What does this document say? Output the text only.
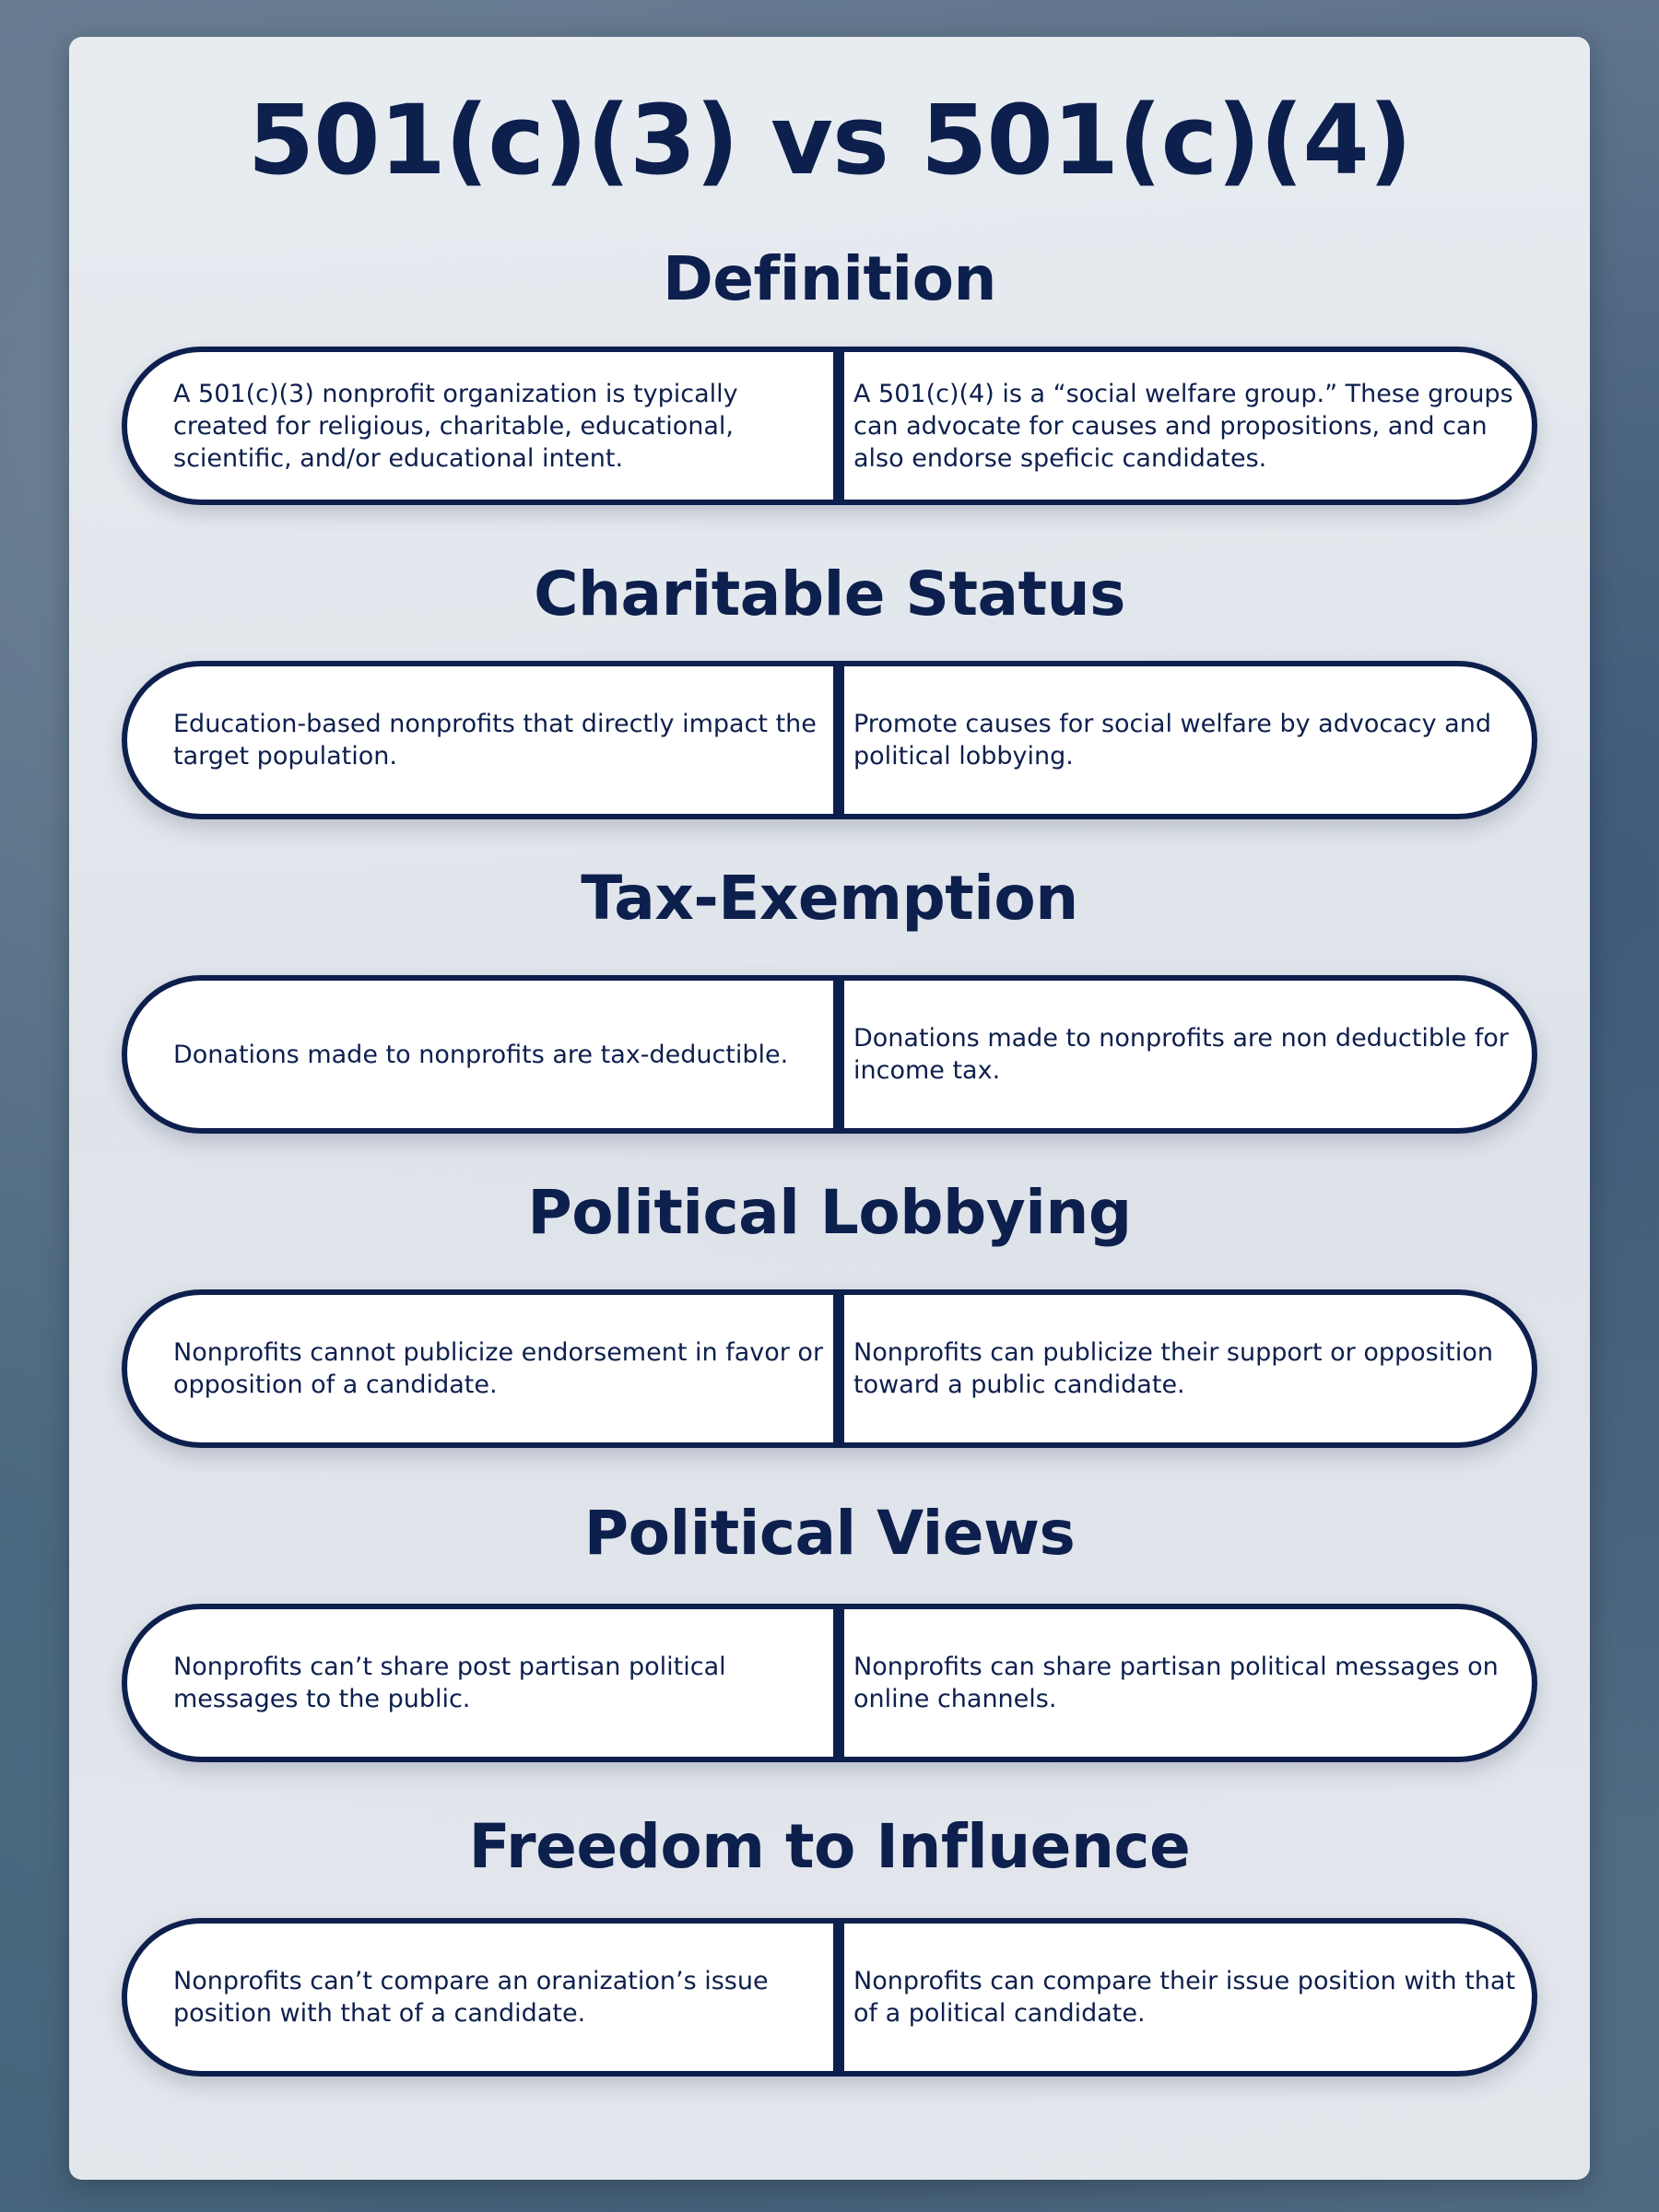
501(c)(3) vs 501(c)(4)
Definition
A 501(c)(3) nonprofit organization is typically created for religious, charitable, educational, scientific, and/or educational intent.
A 501(c)(4) is a “social welfare group.” These groups can advocate for causes and propositions, and can also endorse speficic candidates.
Charitable Status
Education-based nonprofits that directly impact the target population.
Promote causes for social welfare by advocacy and political lobbying.
Tax-Exemption
Donations made to nonprofits are tax-deductible.
Donations made to nonprofits are non deductible for income tax.
Political Lobbying
Nonprofits cannot publicize endorsement in favor or opposition of a candidate.
Nonprofits can publicize their support or opposition toward a public candidate.
Political Views
Nonprofits can’t share post partisan political messages to the public.
Nonprofits can share partisan political messages on online channels.
Freedom to Influence
Nonprofits can’t compare an oranization’s issue position with that of a candidate.
Nonprofits can compare their issue position with that of a political candidate.
